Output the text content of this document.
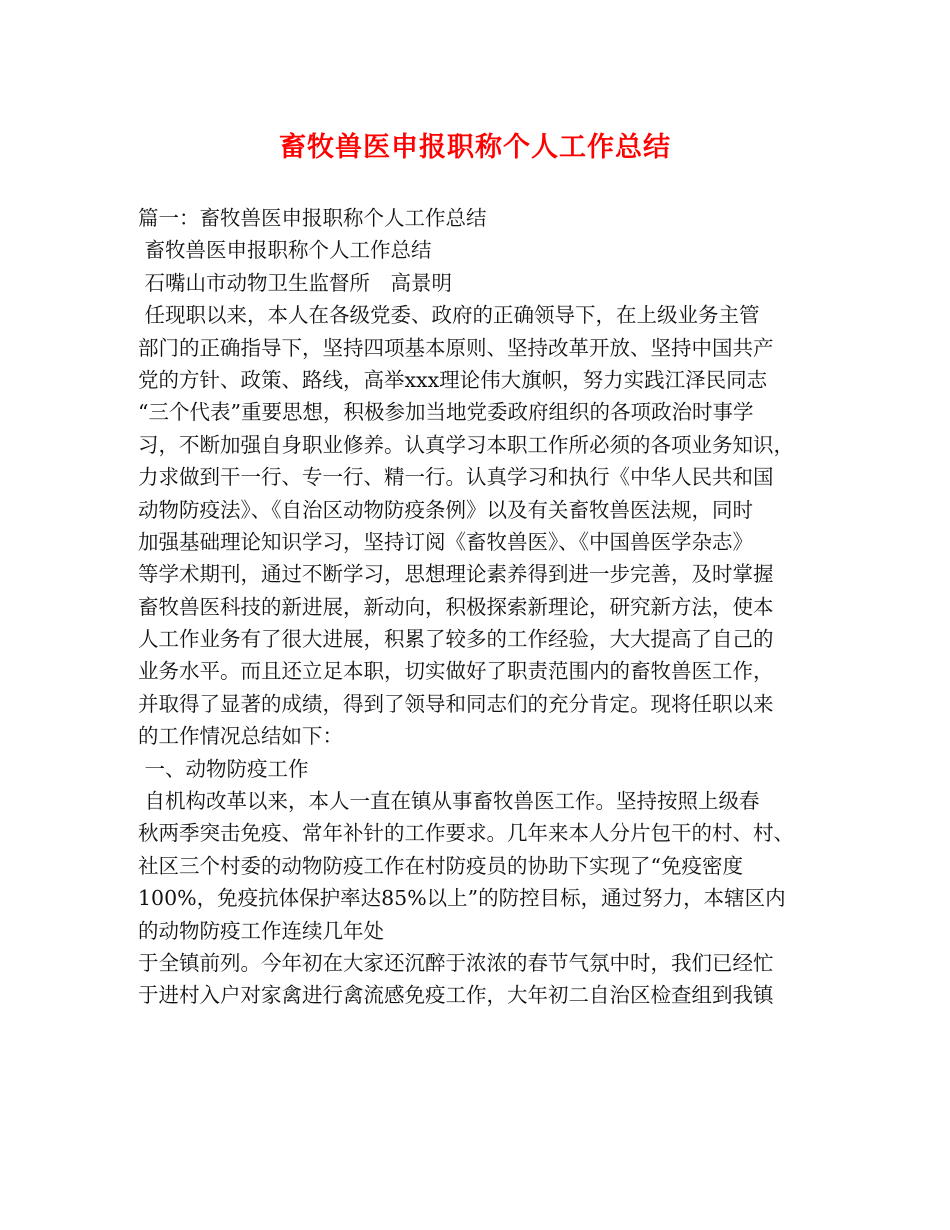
畜牧兽医申报职称个人工作总结
篇一：畜牧兽医申报职称个人工作总结
畜牧兽医申报职称个人工作总结
石嘴山市动物卫生监督所　高景明
任现职以来，本人在各级党委、政府的正确领导下，在上级业务主管
部门的正确指导下，坚持四项基本原则、坚持改革开放、坚持中国共产
党的方针、政策、路线，高举xxx理论伟大旗帜，努力实践江泽民同志
“三个代表”重要思想，积极参加当地党委政府组织的各项政治时事学
习，不断加强自身职业修养。认真学习本职工作所必须的各项业务知识，
力求做到干一行、专一行、精一行。认真学习和执行《中华人民共和国
动物防疫法》、《自治区动物防疫条例》以及有关畜牧兽医法规，同时
加强基础理论知识学习，坚持订阅《畜牧兽医》、《中国兽医学杂志》
等学术期刊，通过不断学习，思想理论素养得到进一步完善，及时掌握
畜牧兽医科技的新进展，新动向，积极探索新理论，研究新方法，使本
人工作业务有了很大进展，积累了较多的工作经验，大大提高了自己的
业务水平。而且还立足本职，切实做好了职责范围内的畜牧兽医工作，
并取得了显著的成绩，得到了领导和同志们的充分肯定。现将任职以来
的工作情况总结如下：
一、动物防疫工作
自机构改革以来，本人一直在镇从事畜牧兽医工作。坚持按照上级春
秋两季突击免疫、常年补针的工作要求。几年来本人分片包干的村、村、
社区三个村委的动物防疫工作在村防疫员的协助下实现了“免疫密度
100%，免疫抗体保护率达85%以上”的防控目标，通过努力，本辖区内
的动物防疫工作连续几年处
于全镇前列。今年初在大家还沉醉于浓浓的春节气氛中时，我们已经忙
于进村入户对家禽进行禽流感免疫工作，大年初二自治区检查组到我镇
